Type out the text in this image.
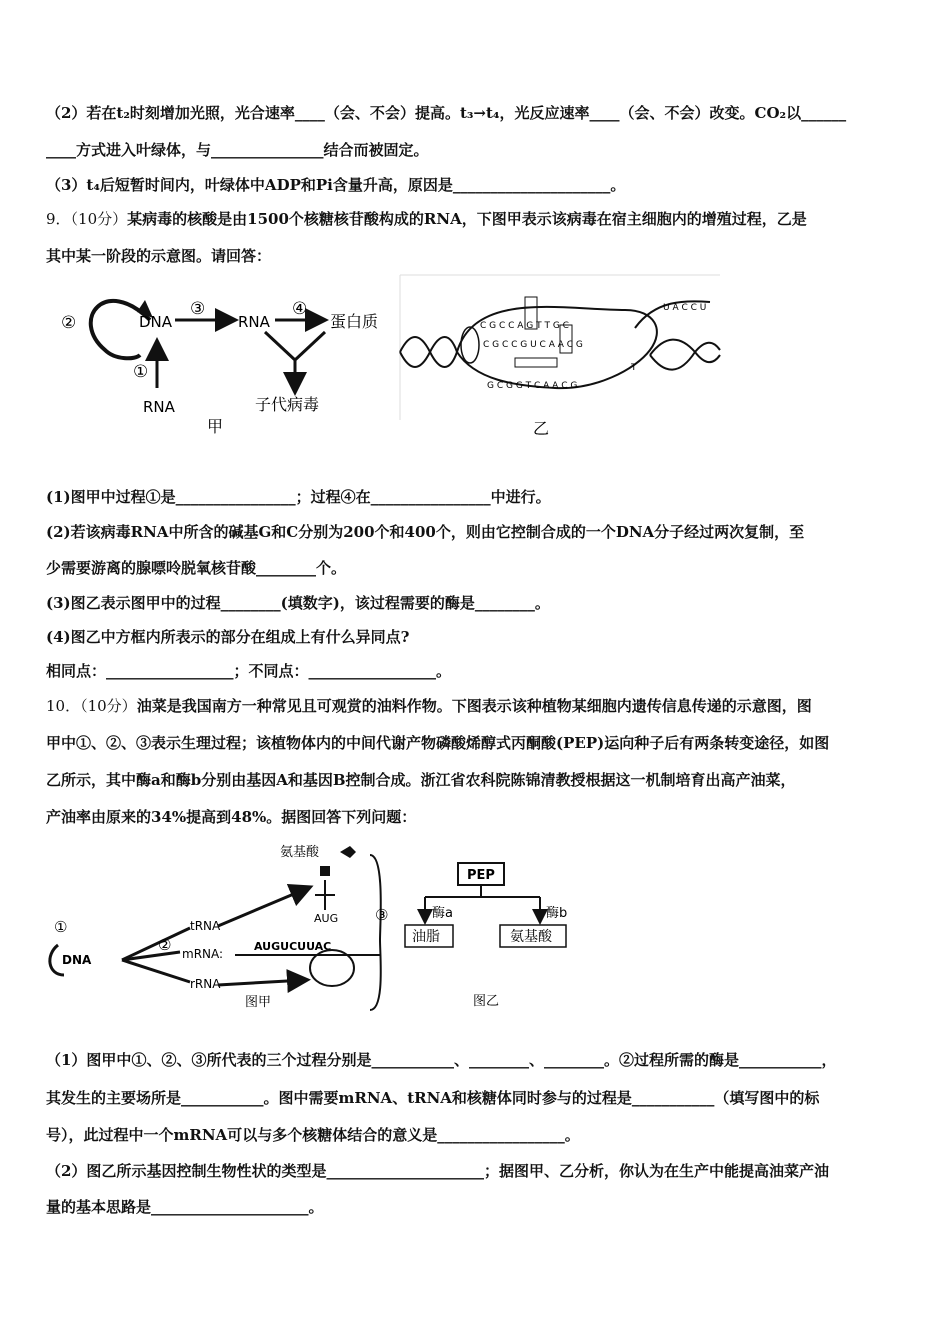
（2）若在t₂时刻增加光照，光合速率____（会、不会）提高。t₃→t₄，光反应速率____（会、不会）改变。CO₂以______
____方式进入叶绿体，与_______________结合而被固定。
（3）t₄后短暂时间内，叶绿体中ADP和Pi含量升高，原因是_____________________。
9．（10分）某病毒的核酸是由1500个核糖核苷酸构成的RNA，下图甲表示该病毒在宿主细胞内的增殖过程，乙是
其中某一阶段的示意图。请回答：
②	DNA
③
RNA
④
蛋白质
子代病毒
①
RNA
甲
C G C C A G T T G C
C G C C G U C A A C G
G C G G T C A A C G
U A C C U
T
乙
(1)图甲中过程①是________________；过程④在________________中进行。
(2)若该病毒RNA中所含的碱基G和C分别为200个和400个，则由它控制合成的一个DNA分子经过两次复制，至
少需要游离的腺嘌呤脱氧核苷酸________个。
(3)图乙表示图甲中的过程________(填数字)，该过程需要的酶是________。
(4)图乙中方框内所表示的部分在组成上有什么异同点?
相同点：_________________；不同点：_________________。
10．（10分）油菜是我国南方一种常见且可观赏的油料作物。下图表示该种植物某细胞内遗传信息传递的示意图，图
甲中①、②、③表示生理过程；该植物体内的中间代谢产物磷酸烯醇式丙酮酸(PEP)运向种子后有两条转变途径，如图
乙所示，其中酶a和酶b分别由基因A和基因B控制合成。浙江省农科院陈锦清教授根据这一机制培育出高产油菜，
产油率由原来的34%提高到48%。据图回答下列问题：
①
DNA
tRNA
② mRNA:
rRNA
氨基酸
AUG
AUGUCUUAC
③
图甲
PEP
酶a	酶b
油脂	氨基酸
图乙
（1）图甲中①、②、③所代表的三个过程分别是___________、________、________。②过程所需的酶是___________，
其发生的主要场所是___________。图中需要mRNA、tRNA和核糖体同时参与的过程是___________（填写图中的标
号），此过程中一个mRNA可以与多个核糖体结合的意义是_________________。
（2）图乙所示基因控制生物性状的类型是_____________________；据图甲、乙分析，你认为在生产中能提高油菜产油
量的基本思路是_____________________。
